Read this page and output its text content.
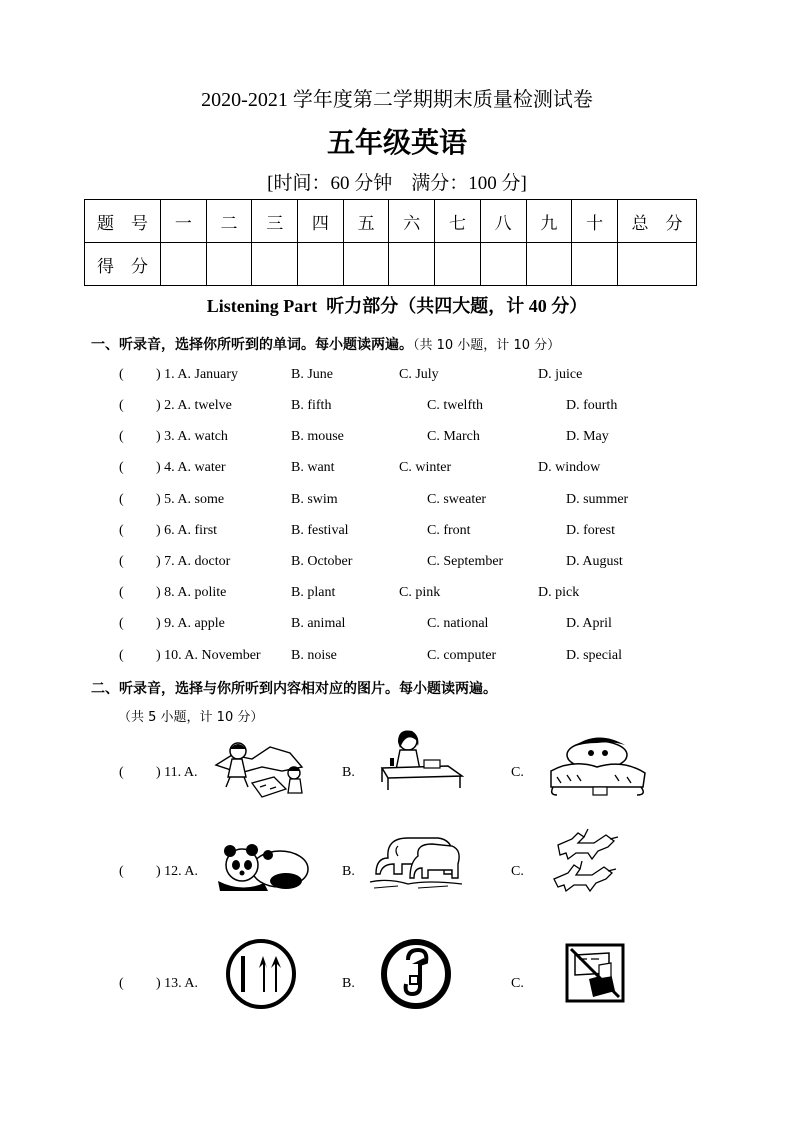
2020-2021 学年度第二学期期末质量检测试卷
五年级英语
[时间：60 分钟　满分：100 分]
题　号	一	二	三	四	五	六	七	八	九	十	总　分
得　分											
Listening Part 听力部分（共四大题，计 40 分）
一、听录音，选择你所听到的单词。每小题读两遍。（共 10 小题，计 10 分）
( ) 1. A. January	B. June	C. July	D. juice
( ) 2. A. twelve	B. fifth	C. twelfth	D. fourth
( ) 3. A. watch	B. mouse	C. March	D. May
( ) 4. A. water	B. want	C. winter	D. window
( ) 5. A. some	B. swim	C. sweater	D. summer
( ) 6. A. first	B. festival	C. front	D. forest
( ) 7. A. doctor	B. October	C. September	D. August
( ) 8. A. polite	B. plant	C. pink	D. pick
( ) 9. A. apple	B. animal	C. national	D. April
( ) 10. A. November B. noise	C. computer	D. special
二、听录音，选择与你所听到内容相对应的图片。每小题读两遍。
（共 5 小题，计 10 分）
( ) 11. A.	B.	C.
( ) 12. A.	B.	C.
( ) 13. A.	B.	C.
